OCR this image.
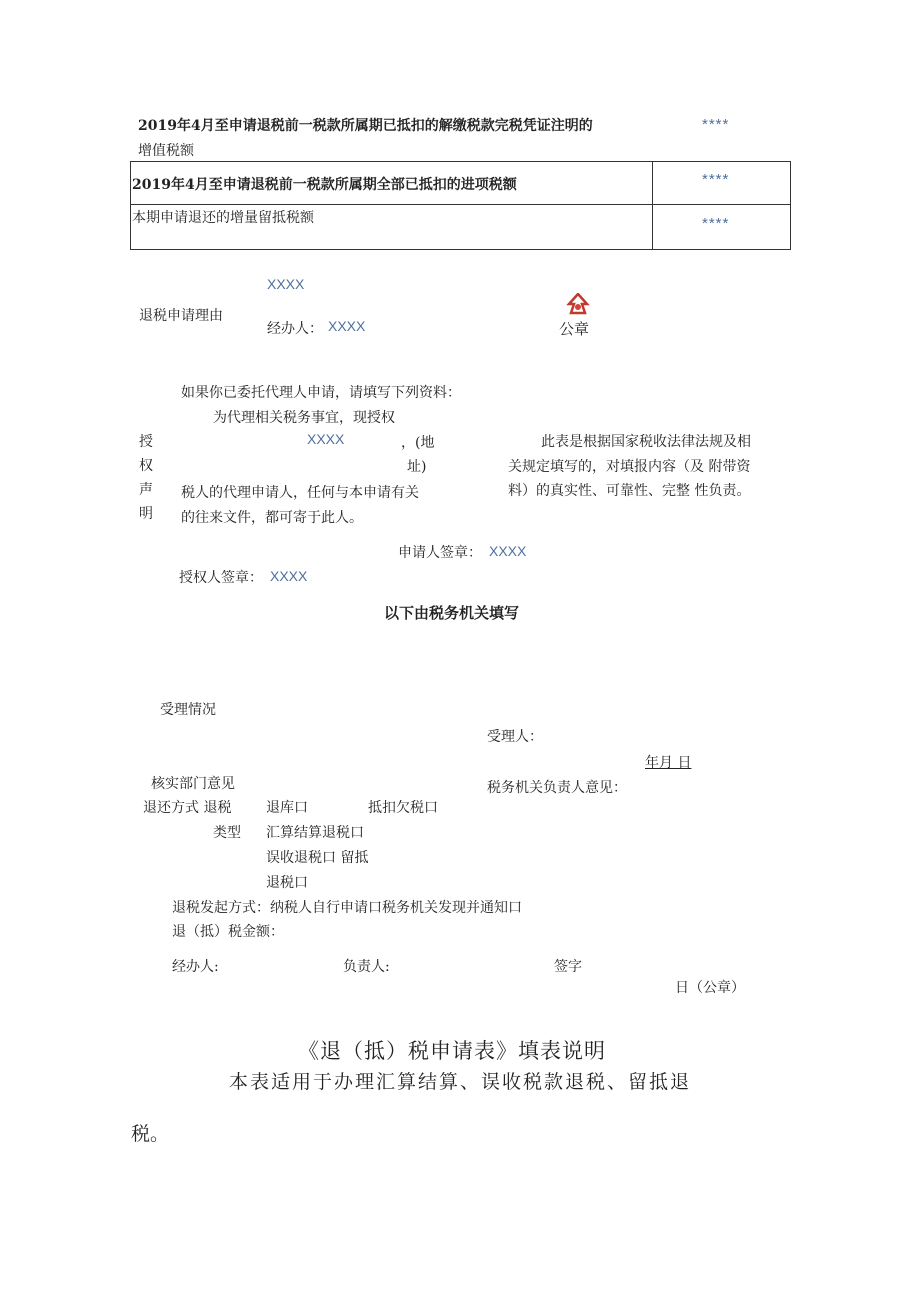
2019年4月至申请退税前一税款所属期已抵扣的解缴税款完税凭证注明的
增值税额
****
2019年4月至申请退税前一税款所属期全部已抵扣的进项税额	****
本期申请退还的增量留抵税额	****
XXXX
退税申请理由
经办人： XXXX	公章
如果你已委托代理人申请，请填写下列资料：
为代理相关税务事宜，现授权
授
权
声
明
XXXX	，(地
址)
税人的代理申请人，任何与本申请有关
的往来文件，都可寄于此人。
此表是根据国家税收法律法规及相
关规定填写的，对填报内容（及 附带资
料）的真实性、可靠性、完整 性负责。
申请人签章： XXXX
授权人签章： XXXX
以下由税务机关填写
受理情况
受理人：
年月 日
核实部门意见	税务机关负责人意见：
退还方式 退税
类型
退库口	抵扣欠税口
汇算结算退税口
误收退税口 留抵
退税口
退税发起方式：纳税人自行申请口税务机关发现并通知口
退（抵）税金额：
经办人:	负责人:	签字
日（公章）
《退（抵）税申请表》填表说明
本表适用于办理汇算结算、误收税款退税、留抵退
税。
